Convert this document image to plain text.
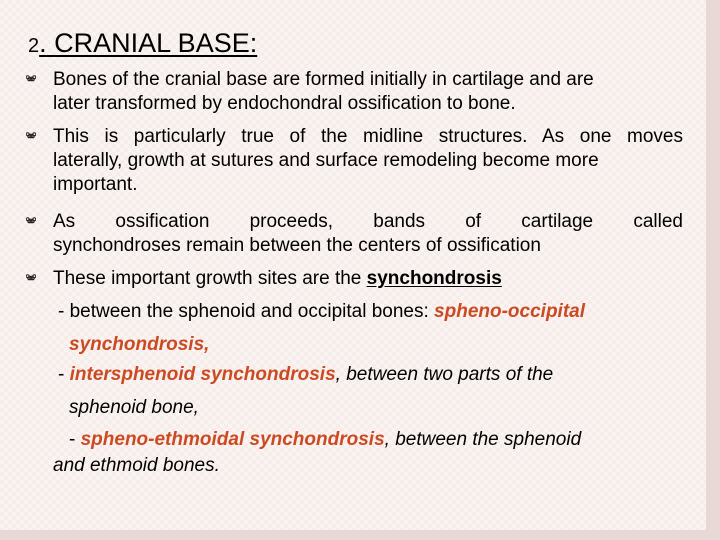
2. CRANIAL BASE:
Bones of the cranial base are formed initially in cartilage and are
later transformed by endochondral ossification to bone.
This is particularly true of the midline structures. As one moves
laterally, growth at sutures and surface remodeling become more
important.
As ossification proceeds, bands of cartilage called
synchondroses remain between the centers of ossification
These important growth sites are the synchondrosis
- between the sphenoid and occipital bones: spheno-occipital
synchondrosis,
- intersphenoid synchondrosis, between two parts of the
sphenoid bone,
- spheno-ethmoidal synchondrosis, between the sphenoid
and ethmoid bones.
